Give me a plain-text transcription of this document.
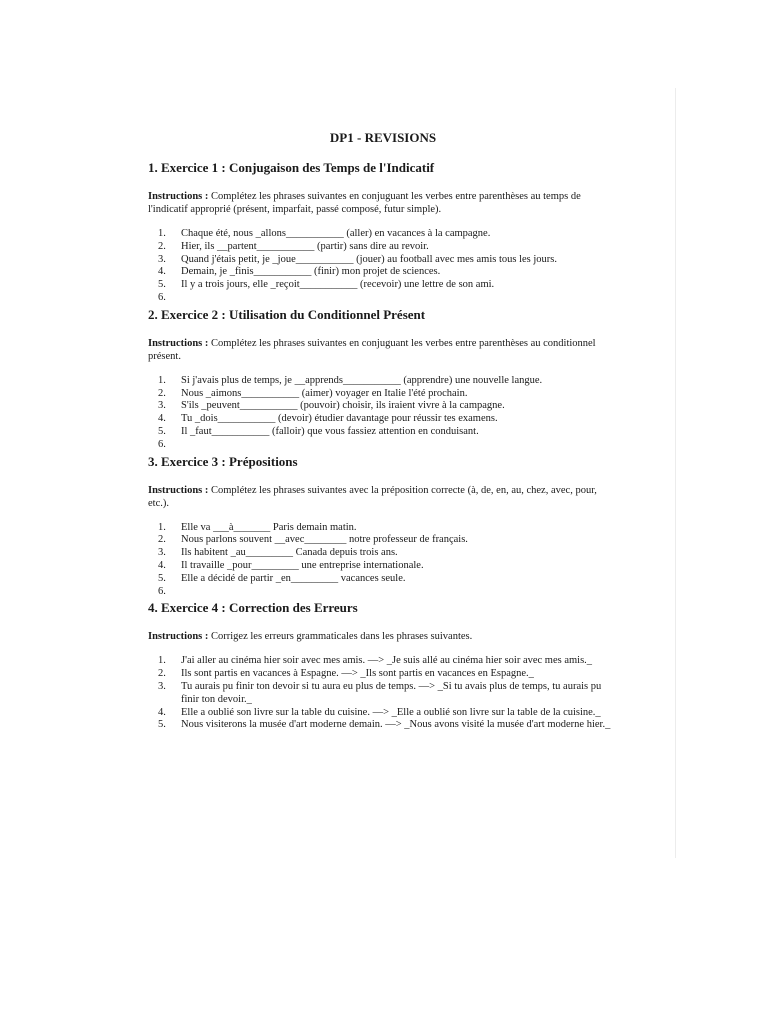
DP1 - REVISIONS
1. Exercice 1 : Conjugaison des Temps de l'Indicatif
Instructions : Complétez les phrases suivantes en conjuguant les verbes entre parenthèses au temps de l'indicatif approprié (présent, imparfait, passé composé, futur simple).
1.	Chaque été, nous _allons___________ (aller) en vacances à la campagne.
2.	Hier, ils __partent___________ (partir) sans dire au revoir.
3.	Quand j'étais petit, je _joue___________ (jouer) au football avec mes amis tous les jours.
4.	Demain, je _finis___________ (finir) mon projet de sciences.
5.	Il y a trois jours, elle _reçoit___________ (recevoir) une lettre de son ami.
6.

2. Exercice 2 : Utilisation du Conditionnel Présent
Instructions : Complétez les phrases suivantes en conjuguant les verbes entre parenthèses au conditionnel présent.
1.	Si j'avais plus de temps, je __apprends___________ (apprendre) une nouvelle langue.
2.	Nous _aimons___________ (aimer) voyager en Italie l'été prochain.
3.	S'ils _peuvent___________ (pouvoir) choisir, ils iraient vivre à la campagne.
4.	Tu _dois___________ (devoir) étudier davantage pour réussir tes examens.
5.	Il _faut___________ (falloir) que vous fassiez attention en conduisant.
6.

3. Exercice 3 : Prépositions
Instructions : Complétez les phrases suivantes avec la préposition correcte (à, de, en, au, chez, avec, pour, etc.).
1.	Elle va ___à_______ Paris demain matin.
2.	Nous parlons souvent __avec________ notre professeur de français.
3.	Ils habitent _au_________ Canada depuis trois ans.
4.	Il travaille _pour_________ une entreprise internationale.
5.	Elle a décidé de partir _en_________ vacances seule.
6.

4. Exercice 4 : Correction des Erreurs
Instructions : Corrigez les erreurs grammaticales dans les phrases suivantes.
1.	J'ai aller au cinéma hier soir avec mes amis. —> _Je suis allé au cinéma hier soir avec mes amis._
2.	Ils sont partis en vacances à Espagne. —> _Ils sont partis en vacances en Espagne._
3.	Tu aurais pu finir ton devoir si tu aura eu plus de temps. —> _Si tu avais plus de temps, tu aurais pu finir ton devoir._
4.	Elle a oublié son livre sur la table du cuisine. —> _Elle a oublié son livre sur la table de la cuisine._
5.	Nous visiterons la musée d'art moderne demain. —> _Nous avons visité la musée d'art moderne hier._
